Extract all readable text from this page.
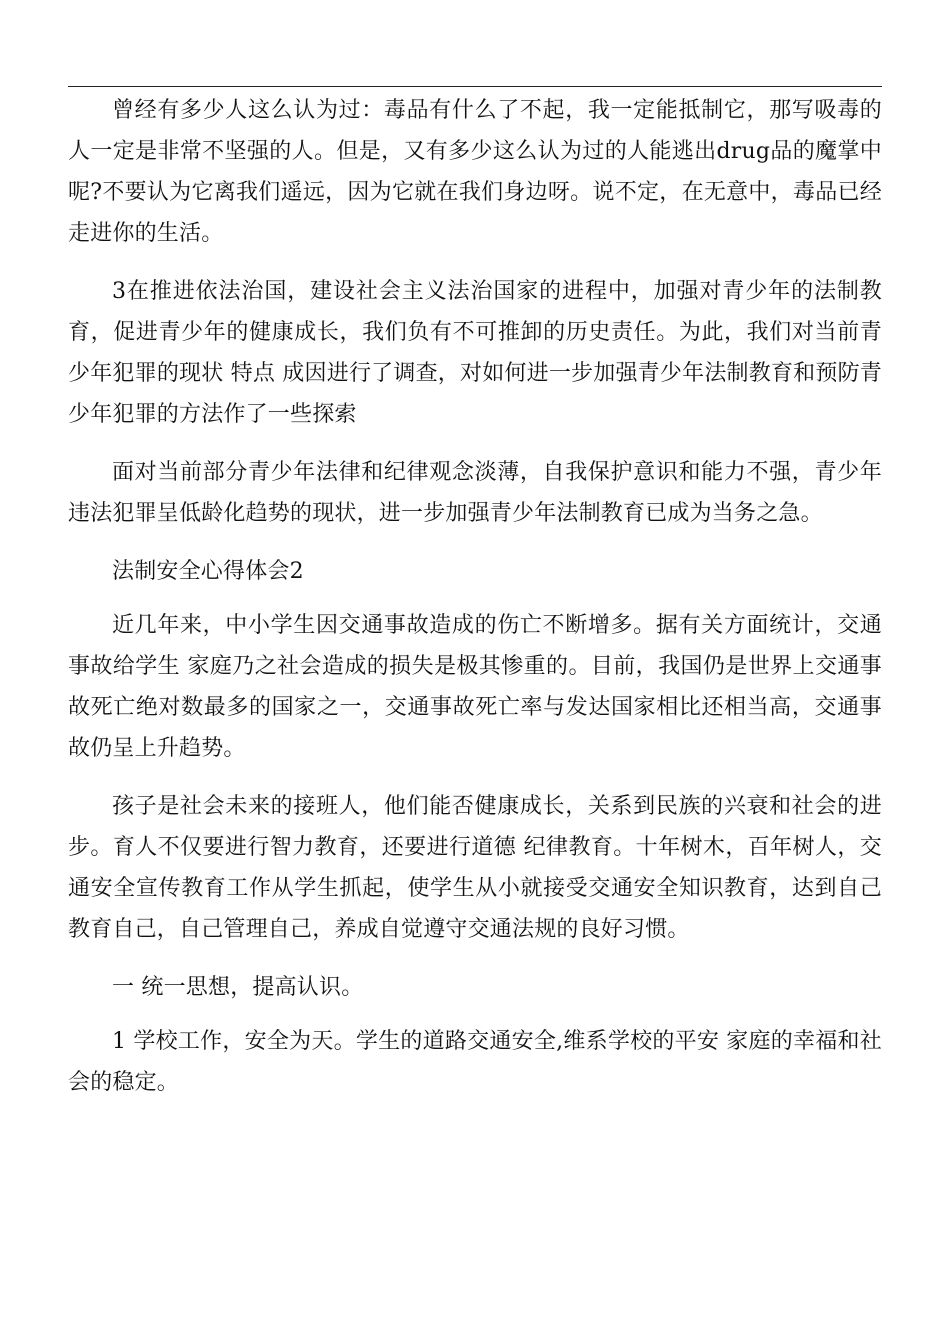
曾经有多少人这么认为过：毒品有什么了不起，我一定能抵制它，那写吸毒的人一定是非常不坚强的人。但是，又有多少这么认为过的人能逃出drug品的魔掌中呢?不要认为它离我们遥远，因为它就在我们身边呀。说不定，在无意中，毒品已经走进你的生活。

3在推进依法治国，建设社会主义法治国家的进程中，加强对青少年的法制教育，促进青少年的健康成长，我们负有不可推卸的历史责任。为此，我们对当前青少年犯罪的现状 特点 成因进行了调查，对如何进一步加强青少年法制教育和预防青少年犯罪的方法作了一些探索

面对当前部分青少年法律和纪律观念淡薄，自我保护意识和能力不强，青少年违法犯罪呈低龄化趋势的现状，进一步加强青少年法制教育已成为当务之急。

法制安全心得体会2

近几年来，中小学生因交通事故造成的伤亡不断增多。据有关方面统计，交通事故给学生 家庭乃之社会造成的损失是极其惨重的。目前，我国仍是世界上交通事故死亡绝对数最多的国家之一，交通事故死亡率与发达国家相比还相当高，交通事故仍呈上升趋势。

孩子是社会未来的接班人，他们能否健康成长，关系到民族的兴衰和社会的进步。育人不仅要进行智力教育，还要进行道德 纪律教育。十年树木，百年树人，交通安全宣传教育工作从学生抓起，使学生从小就接受交通安全知识教育，达到自己教育自己，自己管理自己，养成自觉遵守交通法规的良好习惯。

一 统一思想，提高认识。

1 学校工作，安全为天。学生的道路交通安全,维系学校的平安 家庭的幸福和社会的稳定。
